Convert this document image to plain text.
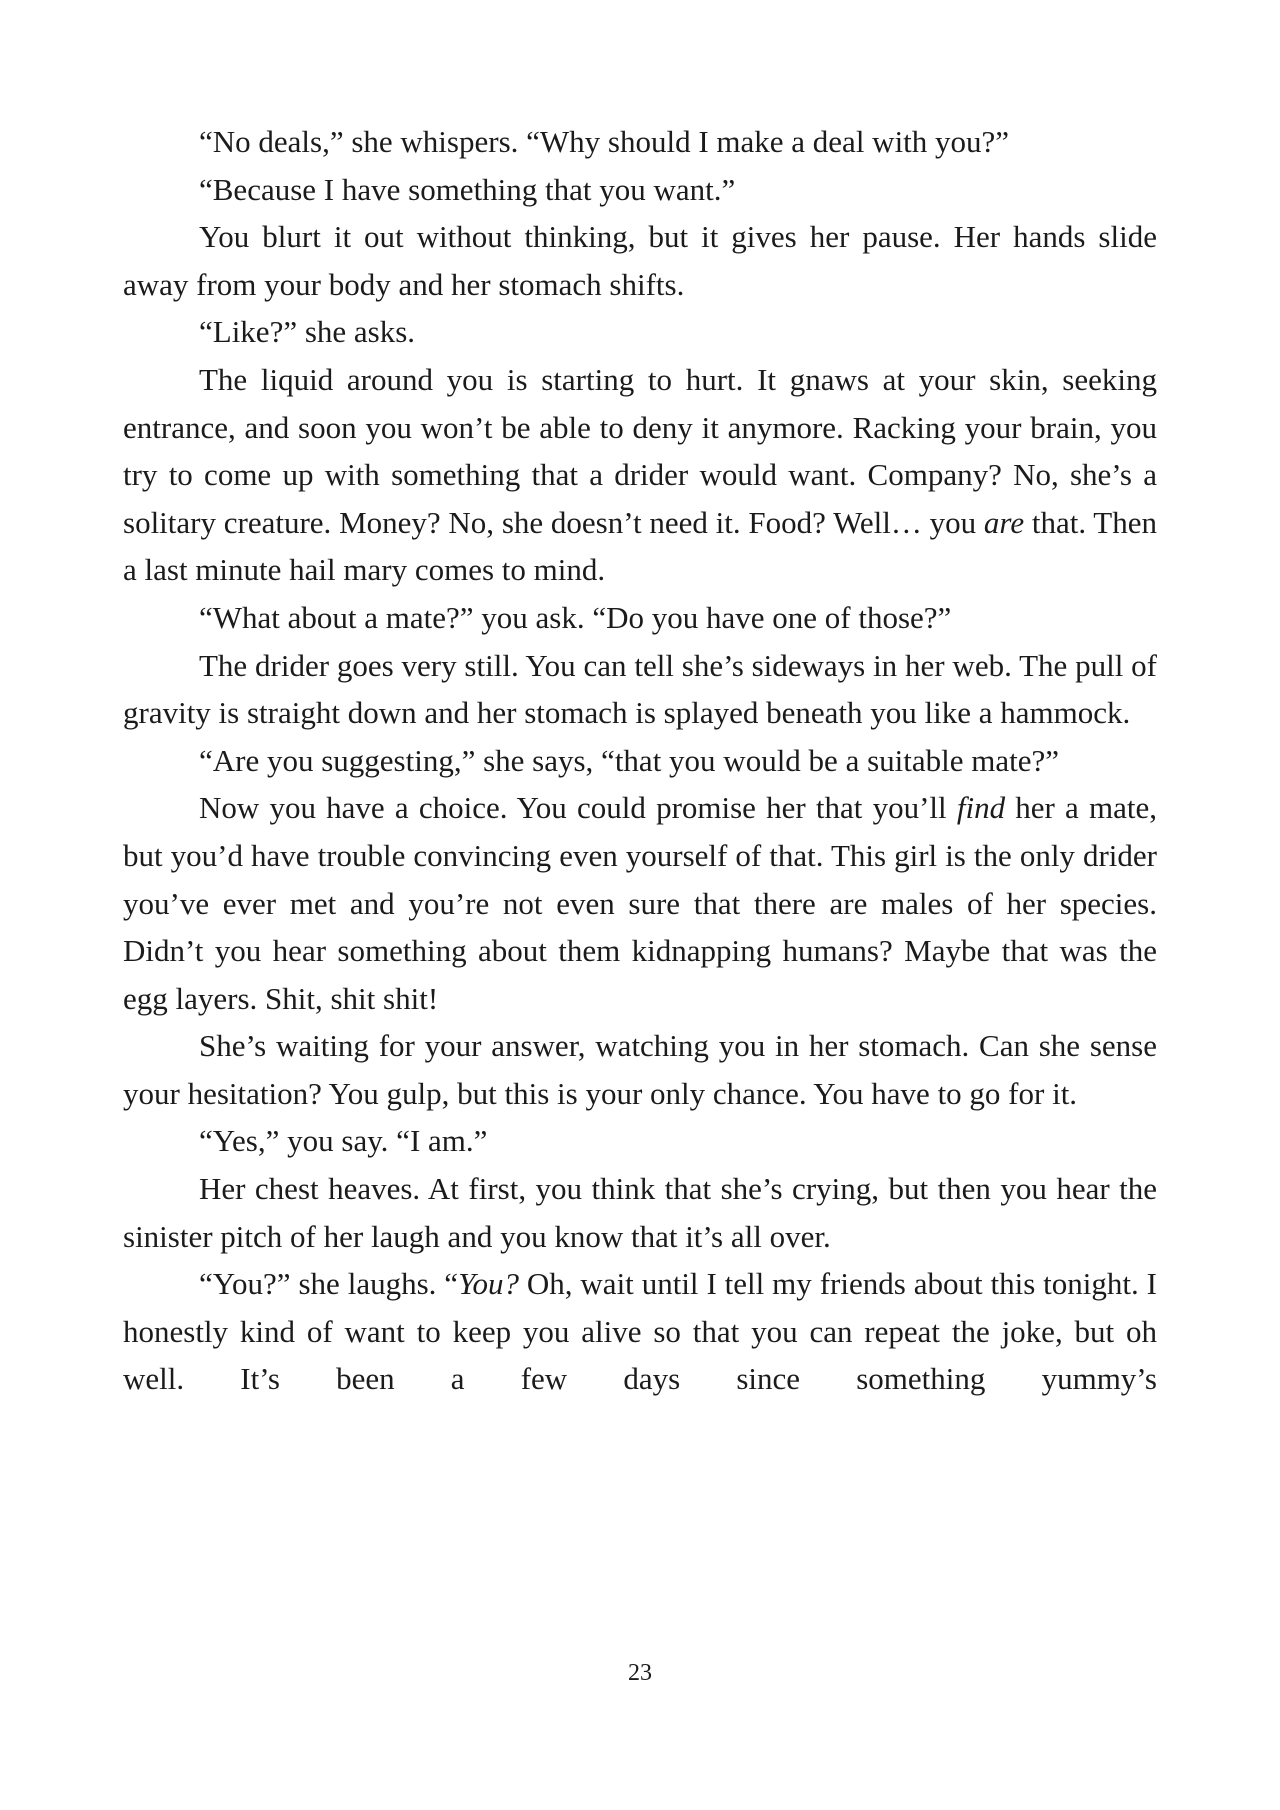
“No deals,” she whispers. “Why should I make a deal with you?”

“Because I have something that you want.”

You blurt it out without thinking, but it gives her pause. Her hands slide away from your body and her stomach shifts.

“Like?” she asks.

The liquid around you is starting to hurt. It gnaws at your skin, seeking entrance, and soon you won’t be able to deny it anymore. Racking your brain, you try to come up with something that a drider would want. Company? No, she’s a solitary creature. Money? No, she doesn’t need it. Food? Well… you are that. Then a last minute hail mary comes to mind.

“What about a mate?” you ask. “Do you have one of those?”

The drider goes very still. You can tell she’s sideways in her web. The pull of gravity is straight down and her stomach is splayed beneath you like a hammock.

“Are you suggesting,” she says, “that you would be a suitable mate?”

Now you have a choice. You could promise her that you’ll find her a mate, but you’d have trouble convincing even yourself of that. This girl is the only drider you’ve ever met and you’re not even sure that there are males of her species. Didn’t you hear something about them kidnapping humans? Maybe that was the egg layers. Shit, shit shit!

She’s waiting for your answer, watching you in her stomach. Can she sense your hesitation? You gulp, but this is your only chance. You have to go for it.

“Yes,” you say. “I am.”

Her chest heaves. At first, you think that she’s crying, but then you hear the sinister pitch of her laugh and you know that it’s all over.

“You?” she laughs. “You? Oh, wait until I tell my friends about this tonight. I honestly kind of want to keep you alive so that you can repeat the joke, but oh well. It’s been a few days since something yummy’s

23
